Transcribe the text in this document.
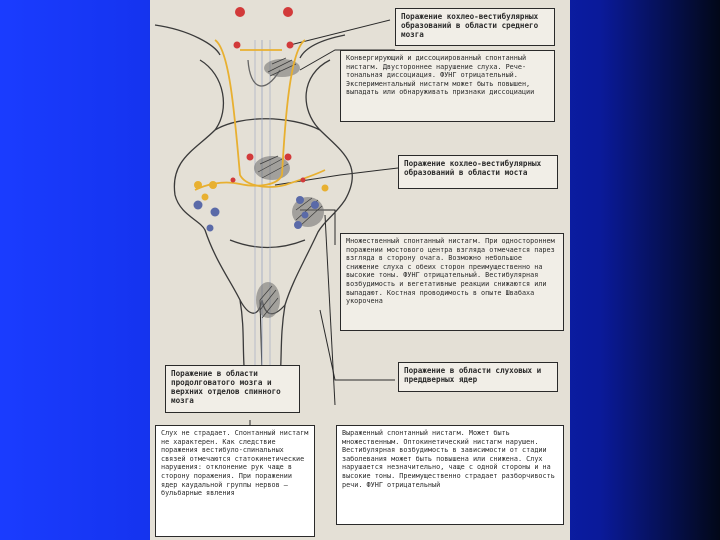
Поражение кохлео-вестибулярных образований в области среднего мозга
Конвергирующий и диссоциированный спонтанный нистагм. Двустороннее нарушение слуха. Рече-тональная диссоциация. ФУНГ отрицательный. Экспериментальный нистагм может быть повышен, выпадать или обнаруживать признаки диссоциации
Поражение кохлео-вестибулярных образований в области моста
Множественный спонтанный нистагм. При одностороннем поражении мостового центра взгляда отмечается парез взгляда в сторону очага. Возможно небольшое снижение слуха с обеих сторон преимущественно на высокие тоны. ФУНГ отрицательный. Вестибулярная возбудимость и вегетативные реакции снижаются или выпадают. Костная проводимость в опыте Швабаха укорочена
Поражение в области продолговатого мозга и верхних отделов спинного мозга
Слух не страдает. Спонтанный нистагм не характерен. Как следствие поражения вестибуло-спинальных связей отмечаются статокинетические нарушения: отклонение рук чаще в сторону поражения. При поражении ядер каудальной группы нервов — бульбарные явления
Поражение в области слуховых и преддверных ядер
Выраженный спонтанный нистагм. Может быть множественным. Оптокинетический нистагм нарушен. Вестибулярная возбудимость в зависимости от стадии заболевания может быть повышена или снижена. Слух нарушается незначительно, чаще с одной стороны и на высокие тоны. Преимущественно страдает разборчивость речи. ФУНГ отрицательный
